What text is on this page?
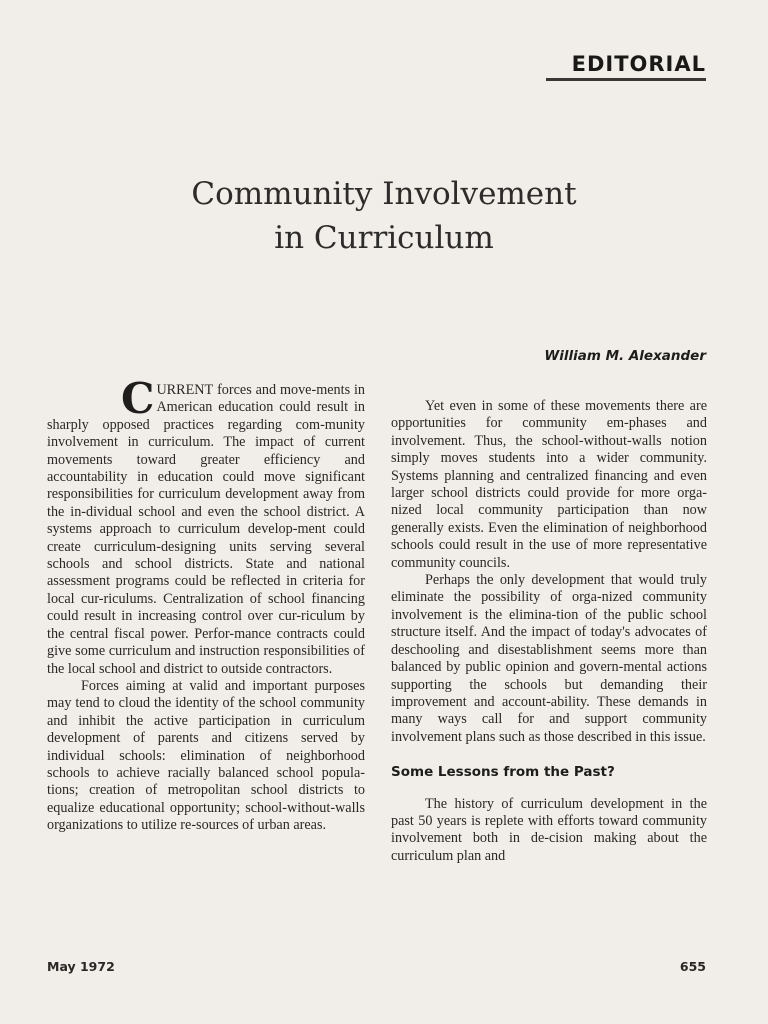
EDITORIAL
Community Involvement
in Curriculum
William M. Alexander

CURRENT forces and move-ments in American education could result in sharply opposed practices regarding com-munity involvement in curriculum. The impact of current movements toward greater efficiency and accountability in education could move significant responsibilities for curriculum development away from the in-dividual school and even the school district. A systems approach to curriculum develop-ment could create curriculum-designing units serving several schools and school districts. State and national assessment programs could be reflected in criteria for local cur-riculums. Centralization of school financing could result in increasing control over cur-riculum by the central fiscal power. Perfor-mance contracts could give some curriculum and instruction responsibilities of the local school and district to outside contractors.

Forces aiming at valid and important purposes may tend to cloud the identity of the school community and inhibit the active participation in curriculum development of parents and citizens served by individual schools: elimination of neighborhood schools to achieve racially balanced school popula-tions; creation of metropolitan school districts to equalize educational opportunity; school-without-walls organizations to utilize re-sources of urban areas.

Yet even in some of these movements there are opportunities for community em-phases and involvement. Thus, the school-without-walls notion simply moves students into a wider community. Systems planning and centralized financing and even larger school districts could provide for more orga-nized local community participation than now generally exists. Even the elimination of neighborhood schools could result in the use of more representative community councils.

Perhaps the only development that would truly eliminate the possibility of orga-nized community involvement is the elimina-tion of the public school structure itself. And the impact of today's advocates of deschooling and disestablishment seems more than balanced by public opinion and govern-mental actions supporting the schools but demanding their improvement and account-ability. These demands in many ways call for and support community involvement plans such as those described in this issue.

Some Lessons from the Past?

The history of curriculum development in the past 50 years is replete with efforts toward community involvement both in de-cision making about the curriculum plan and

May 1972	655
